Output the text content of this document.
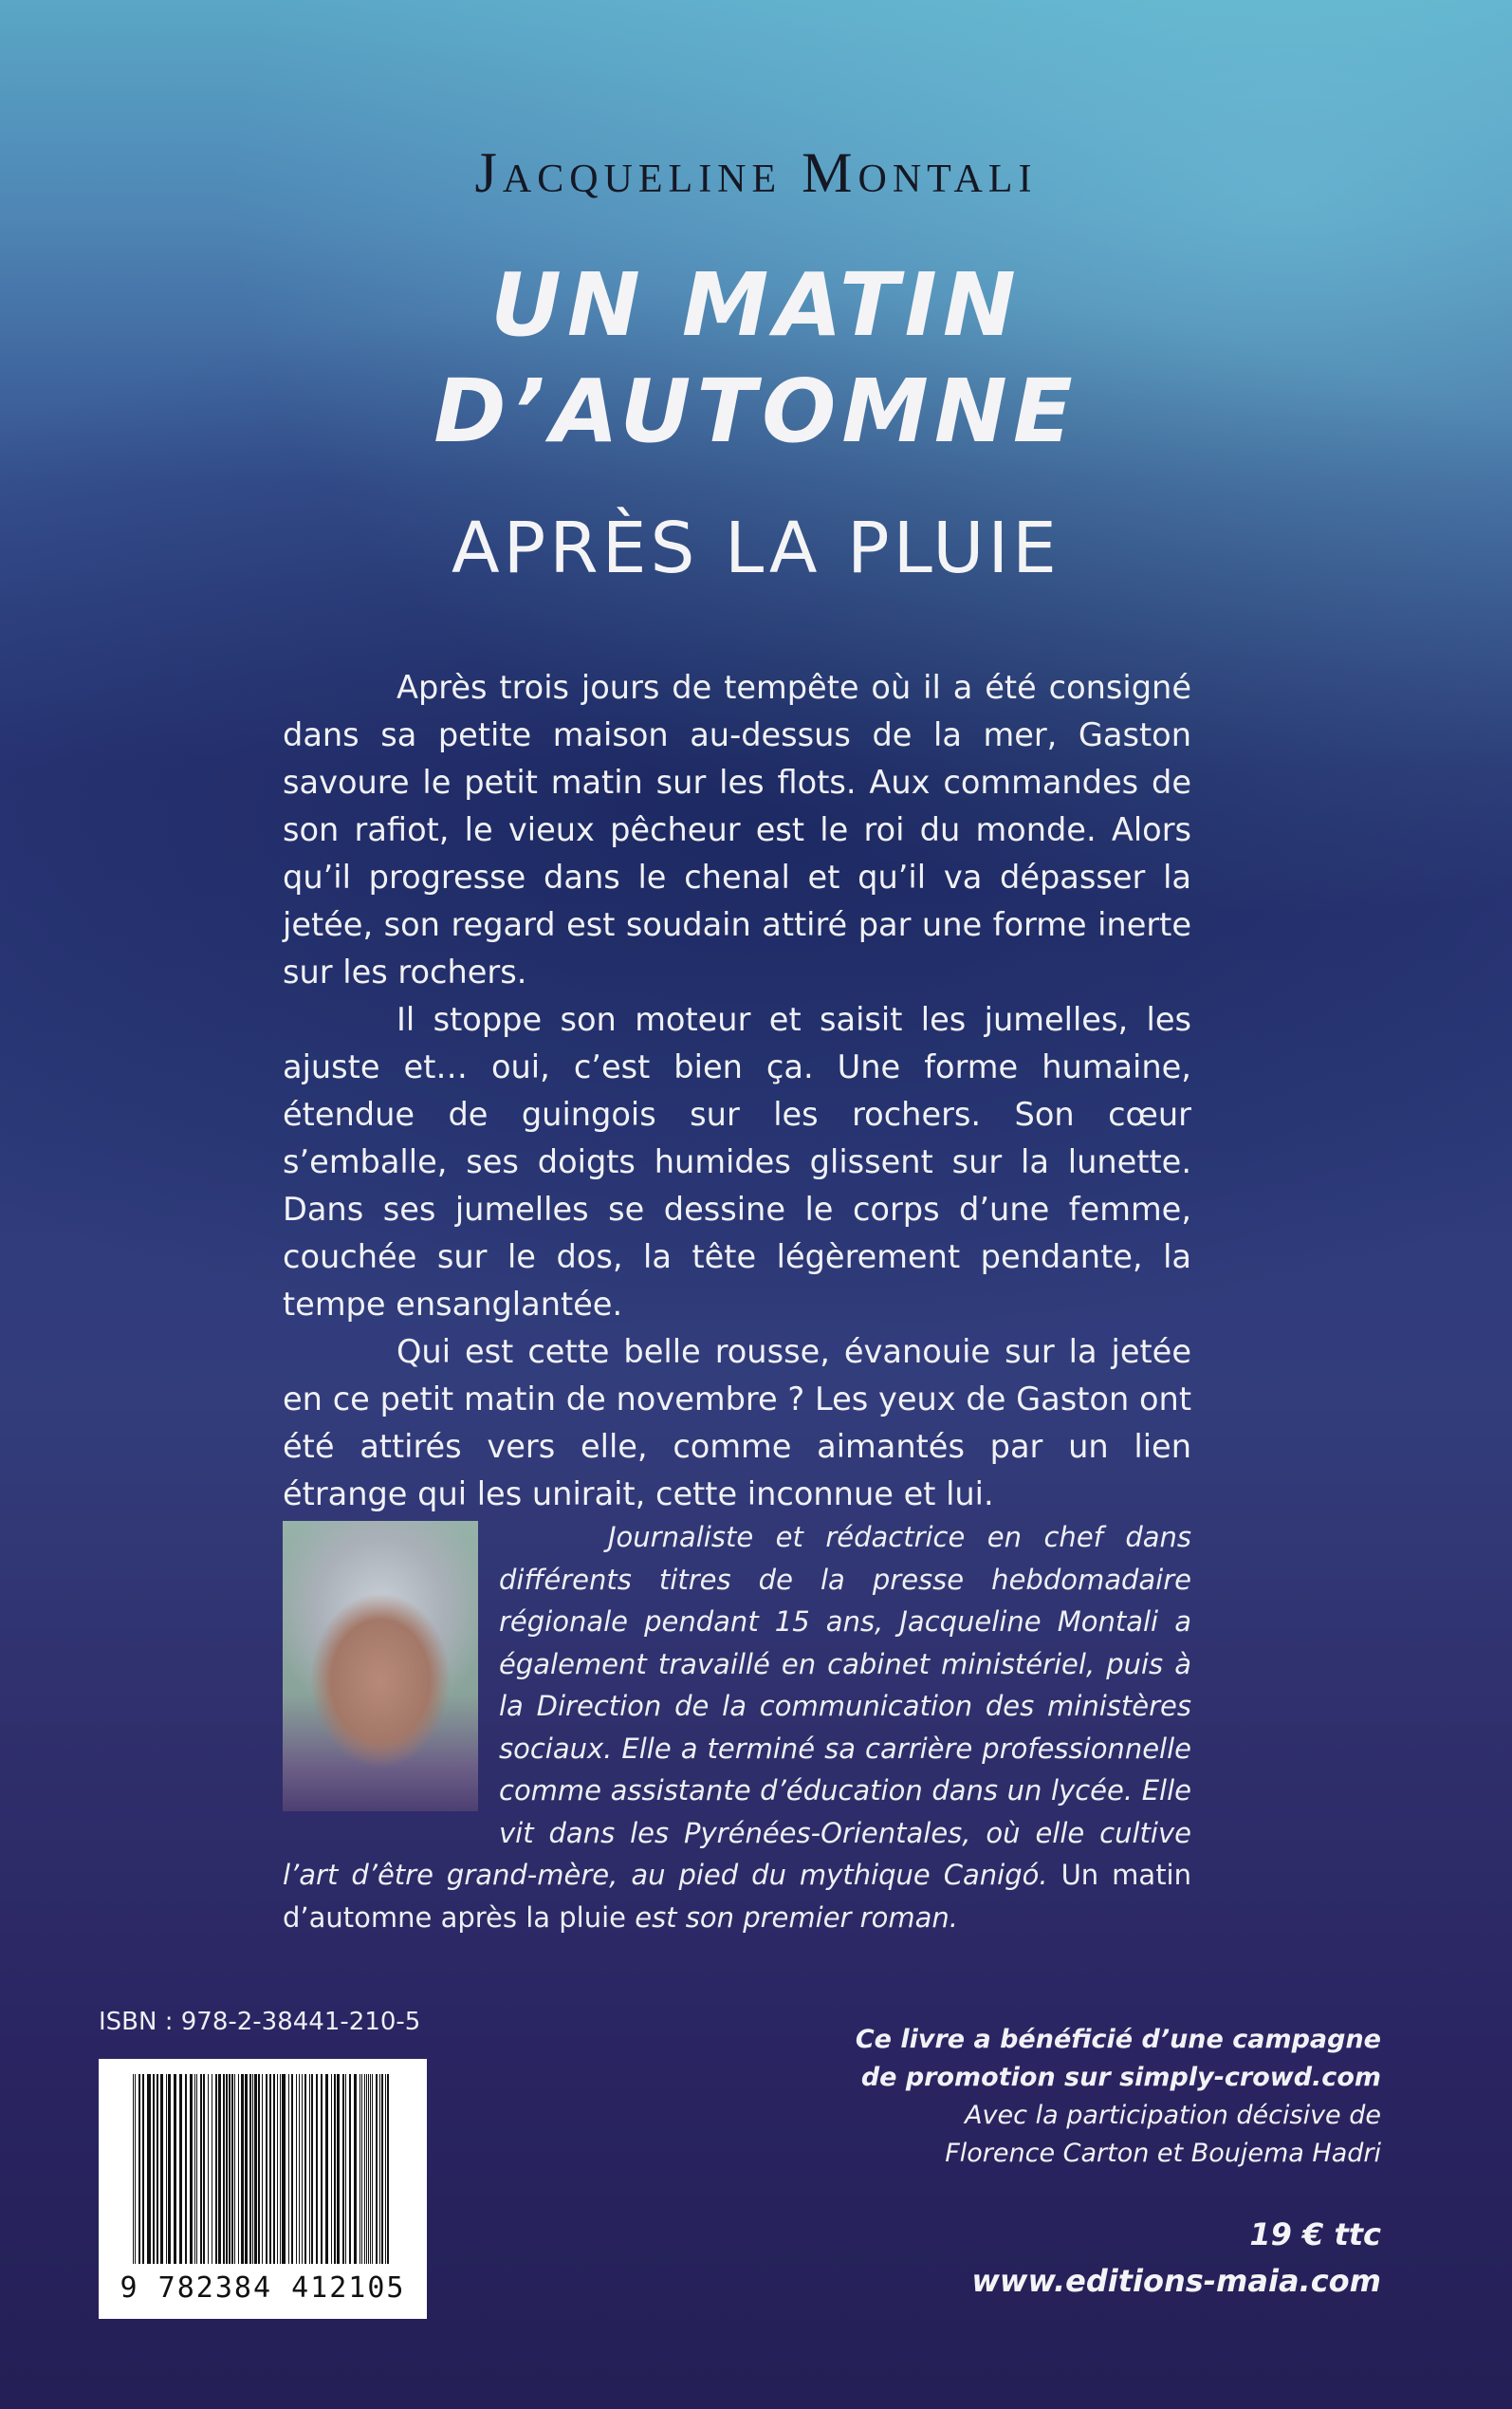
Jacqueline Montali
UN MATIN
D’AUTOMNE
APRÈS LA PLUIE

Après trois jours de tempête où il a été consigné dans sa petite maison au-dessus de la mer, Gaston savoure le petit matin sur les flots. Aux commandes de son rafiot, le vieux pêcheur est le roi du monde. Alors qu’il progresse dans le chenal et qu’il va dépasser la jetée, son regard est soudain attiré par une forme inerte sur les rochers.

Il stoppe son moteur et saisit les jumelles, les ajuste et… oui, c’est bien ça. Une forme humaine, étendue de guingois sur les rochers. Son cœur s’emballe, ses doigts humides glissent sur la lunette. Dans ses jumelles se dessine le corps d’une femme, couchée sur le dos, la tête légèrement pendante, la tempe ensanglantée.

Qui est cette belle rousse, évanouie sur la jetée en ce petit matin de novembre ? Les yeux de Gaston ont été attirés vers elle, comme aimantés par un lien étrange qui les unirait, cette inconnue et lui.

Journaliste et rédactrice en chef dans différents titres de la presse hebdomadaire régionale pendant 15 ans, Jacqueline Montali a également travaillé en cabinet ministériel, puis à la Direction de la communication des ministères sociaux. Elle a terminé sa carrière professionnelle comme assistante d’éducation dans un lycée. Elle vit dans les Pyrénées-Orientales, où elle cultive l’art d’être grand-mère, au pied du mythique Canigó. Un matin d’automne après la pluie est son premier roman.
ISBN : 978-2-38441-210-5
9 782384 412105
Ce livre a bénéficié d’une campagne
de promotion sur simply-crowd.com
Avec la participation décisive de
Florence Carton et Boujema Hadri
19 € ttc
www.editions-maia.com
